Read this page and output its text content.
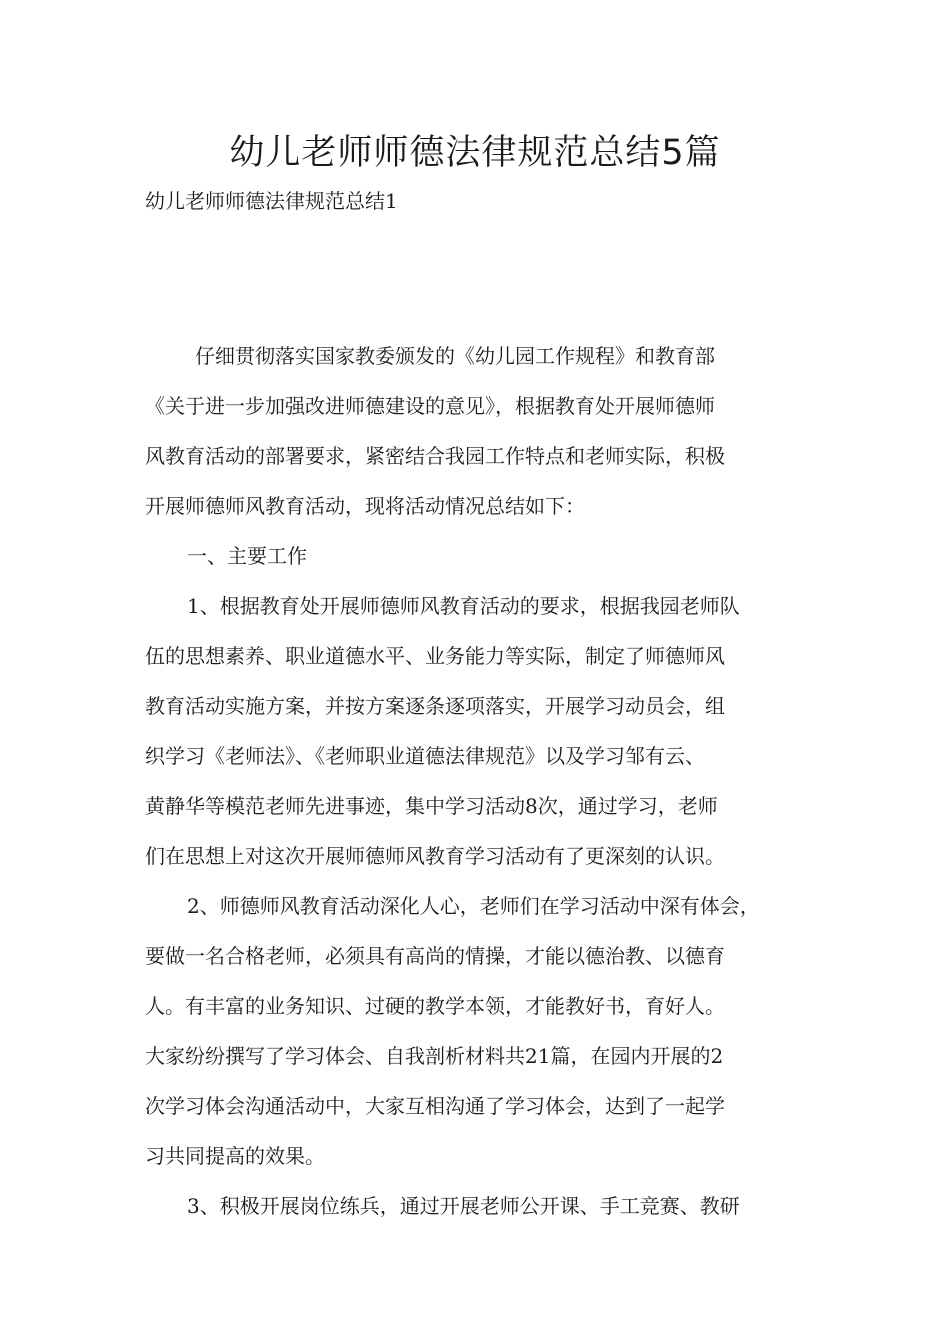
幼儿老师师德法律规范总结5篇

幼儿老师师德法律规范总结1

仔细贯彻落实国家教委颁发的《幼儿园工作规程》和教育部
《关于进一步加强改进师德建设的意见》，根据教育处开展师德师
风教育活动的部署要求，紧密结合我园工作特点和老师实际，积极
开展师德师风教育活动，现将活动情况总结如下：
一、主要工作
1、根据教育处开展师德师风教育活动的要求，根据我园老师队
伍的思想素养、职业道德水平、业务能力等实际，制定了师德师风
教育活动实施方案，并按方案逐条逐项落实，开展学习动员会，组
织学习《老师法》、《老师职业道德法律规范》以及学习邹有云、
黄静华等模范老师先进事迹，集中学习活动8次，通过学习，老师
们在思想上对这次开展师德师风教育学习活动有了更深刻的认识。
2、师德师风教育活动深化人心，老师们在学习活动中深有体会，
要做一名合格老师，必须具有高尚的情操，才能以德治教、以德育
人。有丰富的业务知识、过硬的教学本领，才能教好书，育好人。
大家纷纷撰写了学习体会、自我剖析材料共21篇，在园内开展的2
次学习体会沟通活动中，大家互相沟通了学习体会，达到了一起学
习共同提高的效果。
3、积极开展岗位练兵，通过开展老师公开课、手工竞赛、教研
